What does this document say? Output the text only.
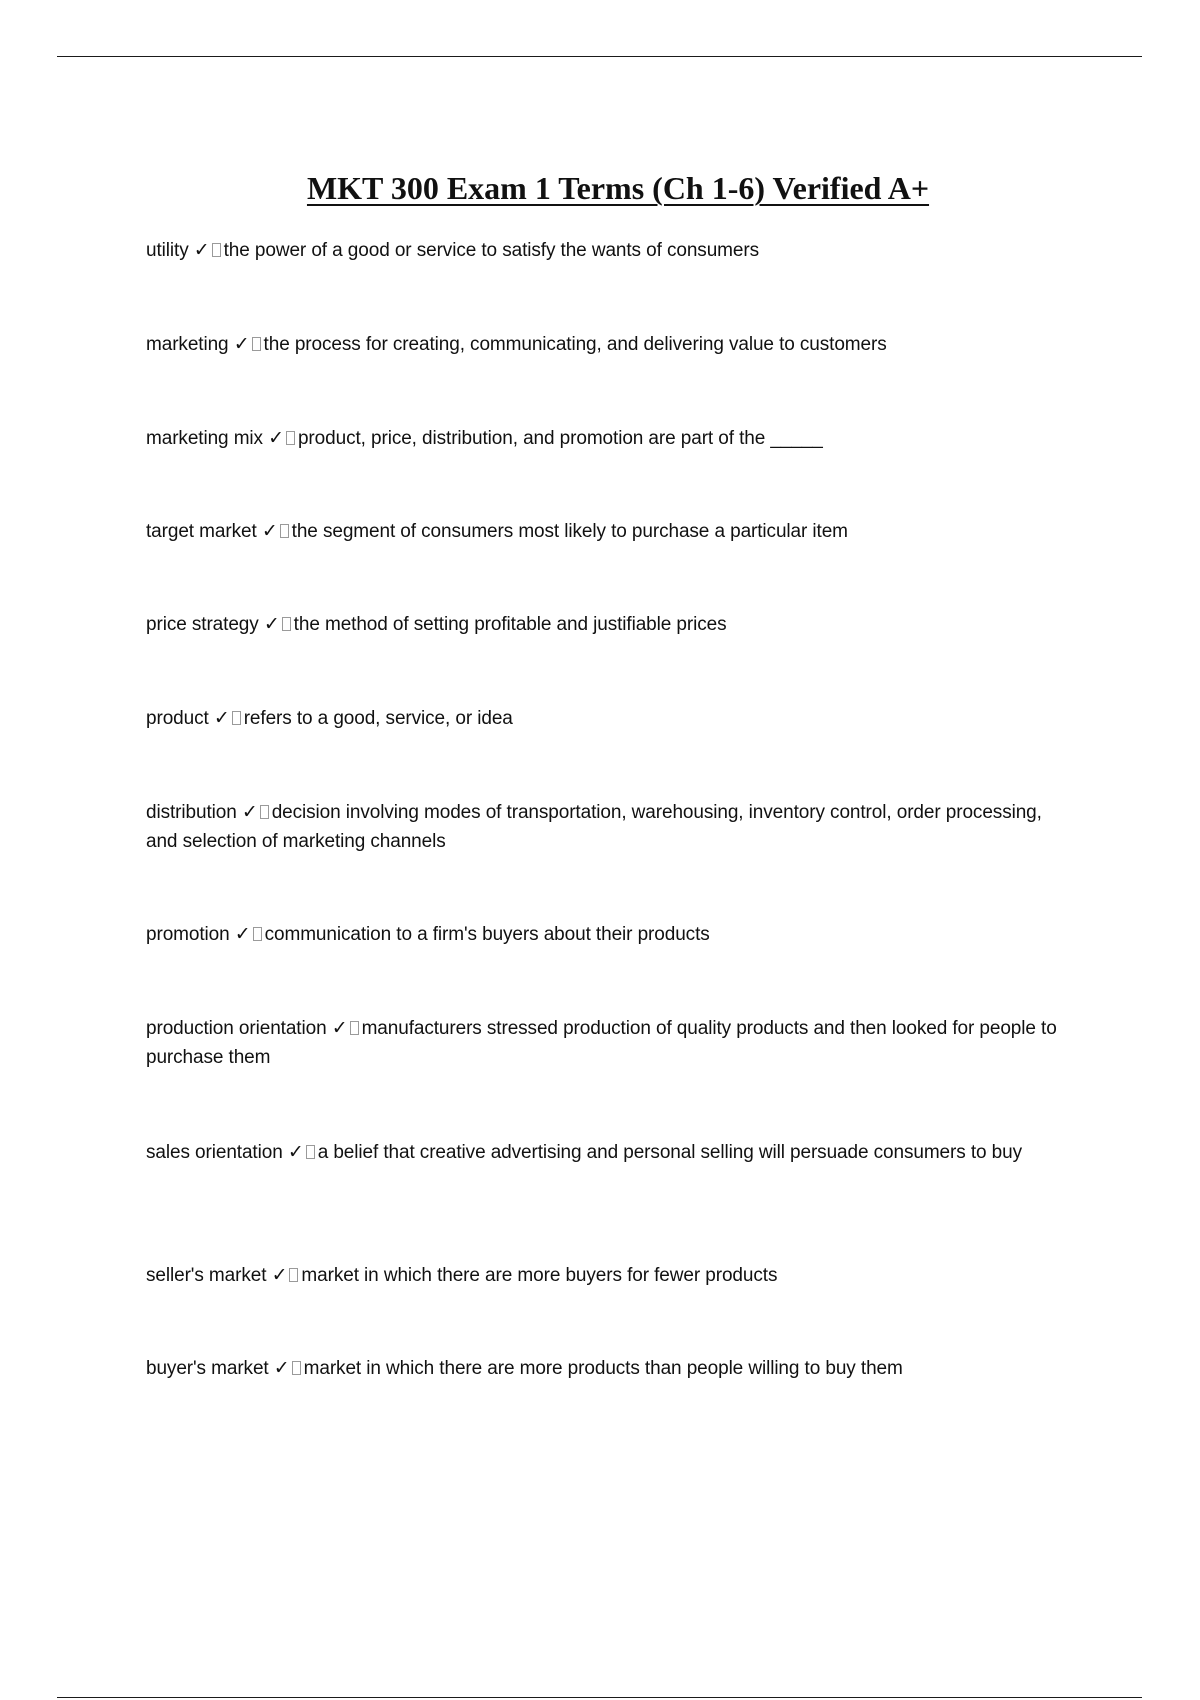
MKT 300 Exam 1 Terms (Ch 1-6) Verified A+
utility ✓ the power of a good or service to satisfy the wants of consumers
marketing ✓ the process for creating, communicating, and delivering value to customers
marketing mix ✓ product, price, distribution, and promotion are part of the _____
target market ✓ the segment of consumers most likely to purchase a particular item
price strategy ✓ the method of setting profitable and justifiable prices
product ✓ refers to a good, service, or idea
distribution ✓ decision involving modes of transportation, warehousing, inventory control, order processing, and selection of marketing channels
promotion ✓ communication to a firm's buyers about their products
production orientation ✓ manufacturers stressed production of quality products and then looked for people to purchase them
sales orientation ✓ a belief that creative advertising and personal selling will persuade consumers to buy
seller's market ✓ market in which there are more buyers for fewer products
buyer's market ✓ market in which there are more products than people willing to buy them
